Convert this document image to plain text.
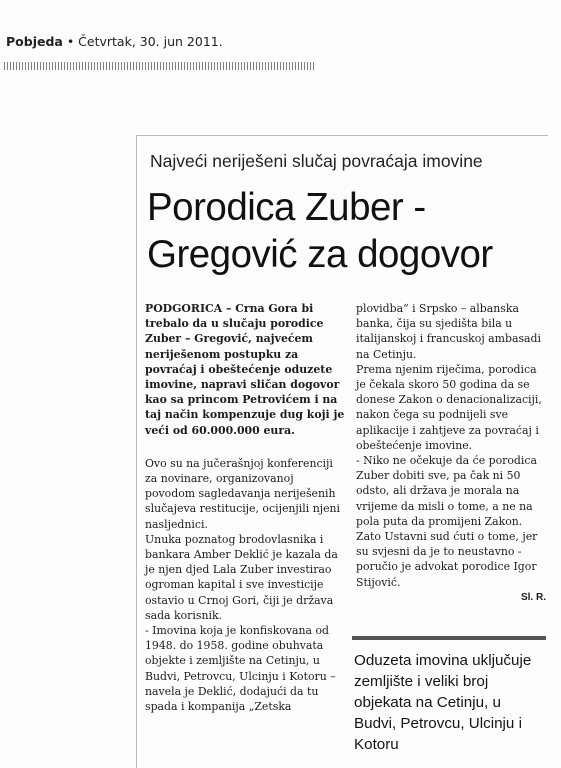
Pobjeda • Četvrtak, 30. jun 2011.
Najveći neriješeni slučaj povraćaja imovine
Porodica Zuber -
Gregović za dogovor

PODGORICA – Crna Gora bi trebalo da u slučaju porodice Zuber – Gregović, najvećem neriješenom postupku za povraćaj i obeštećenje oduzete imovine, napravi sličan dogovor kao sa princom Petrovićem i na taj način kompenzuje dug koji je veći od 60.000.000 eura.

Ovo su na jučerašnjoj konferenciji za novinare, organizovanoj povodom sagledavanja neriješenih slučajeva restitucije, ocijenjili njeni nasljednici.

Unuka poznatog brodovlasnika i bankara Amber Deklić je kazala da je njen djed Lala Zuber investirao ogroman kapital i sve investicije ostavio u Crnoj Gori, čiji je država sada korisnik.

- Imovina koja je konfiskovana od 1948. do 1958. godine obuhvata objekte i zemljište na Cetinju, u Budvi, Petrovcu, Ulcinju i Kotoru – navela je Deklić, dodajući da tu spada i kompanija „Zetska

plovidba“ i Srpsko – albanska banka, čija su sjedišta bila u italijanskoj i francuskoj ambasadi na Cetinju.

Prema njenim riječima, porodica je čekala skoro 50 godina da se donese Zakon o denacionalizaciji, nakon čega su podnijeli sve aplikacije i zahtjeve za povraćaj i obeštećenje imovine.

- Niko ne očekuje da će porodica Zuber dobiti sve, pa čak ni 50 odsto, ali država je morala na vrijeme da misli o tome, a ne na pola puta da promijeni Zakon. Zato Ustavni sud ćuti o tome, jer su svjesni da je to neustavno - poručio je advokat porodice Igor Stijović.

Sl. R.

Oduzeta imovina uključuje zemljište i veliki broj objekata na Cetinju, u Budvi, Petrovcu, Ulcinju i Kotoru
